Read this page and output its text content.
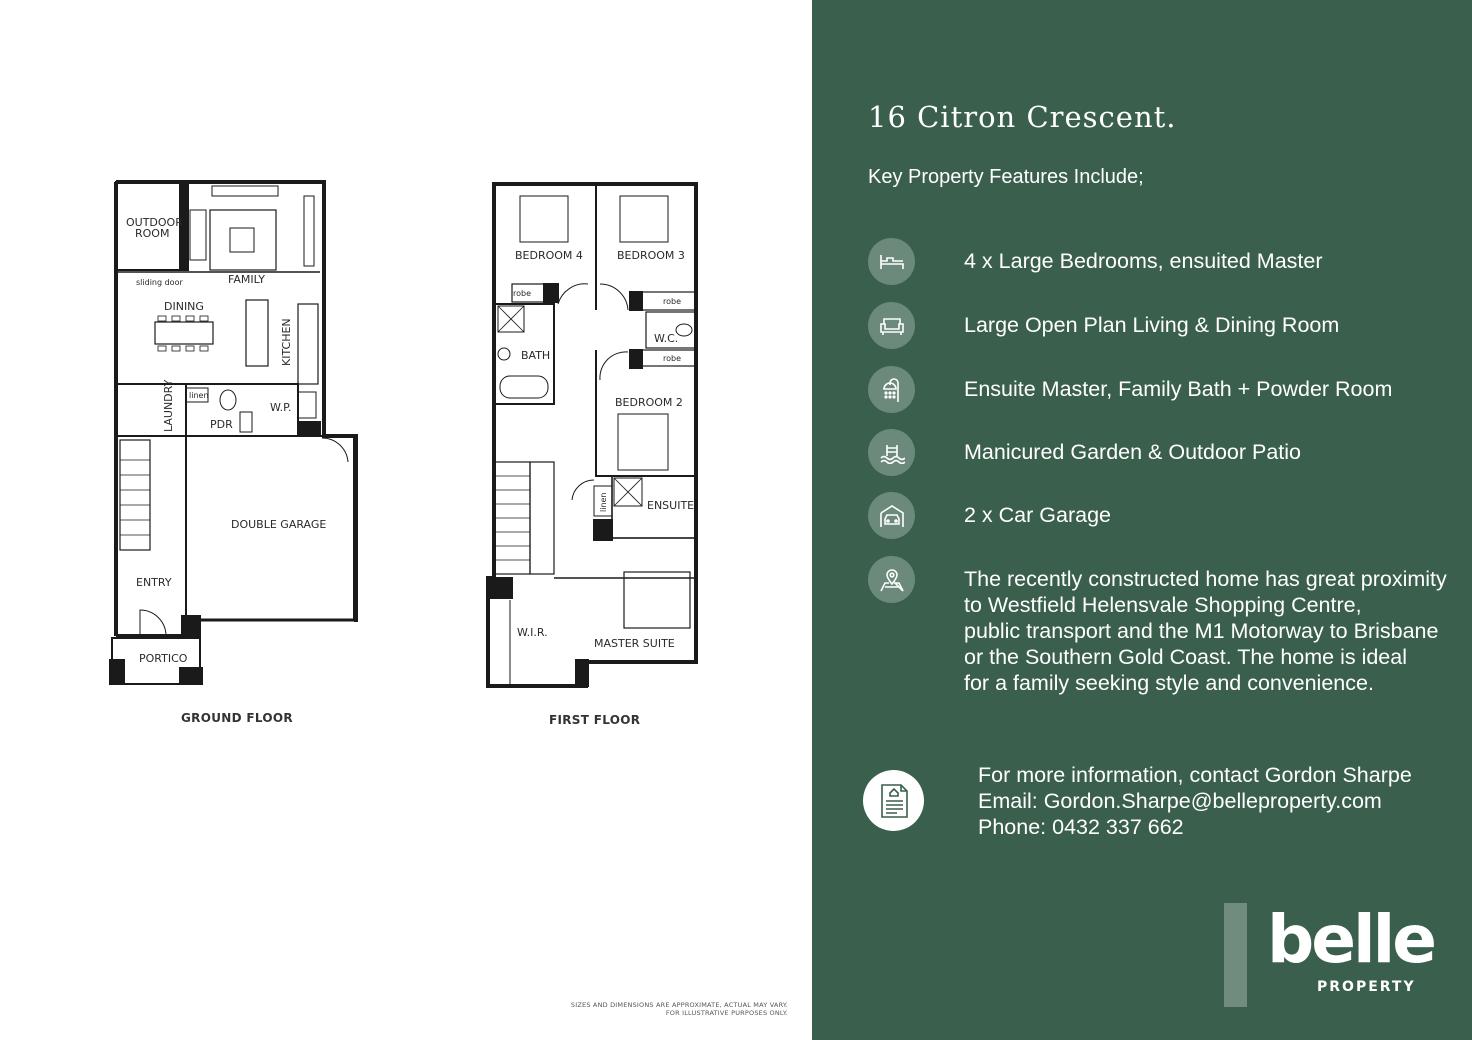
OUTDOOR
ROOM
FAMILY
sliding door
DINING
KITCHEN
LAUNDRY linen
PDR
W.P.
DOUBLE GARAGE
ENTRY
PORTICO
GROUND FLOOR
BEDROOM 4	BEDROOM 3
robe
robe
BATH
W.C.
robe
BEDROOM 2
linen	ENSUITE
W.I.R.
MASTER SUITE
FIRST FLOOR
SIZES AND DIMENSIONS ARE APPROXIMATE, ACTUAL MAY VARY.
FOR ILLUSTRATIVE PURPOSES ONLY.
16 Citron Crescent.
Key Property Features Include;
4 x Large Bedrooms, ensuited Master
Large Open Plan Living & Dining Room
Ensuite Master, Family Bath + Powder Room
Manicured Garden & Outdoor Patio
2 x Car Garage
The recently constructed home has great proximity
to Westfield Helensvale Shopping Centre,
public transport and the M1 Motorway to Brisbane
or the Southern Gold Coast. The home is ideal
for a family seeking style and convenience.
For more information, contact Gordon Sharpe
Email: Gordon.Sharpe@belleproperty.com
Phone: 0432 337 662
belle
PROPERTY
